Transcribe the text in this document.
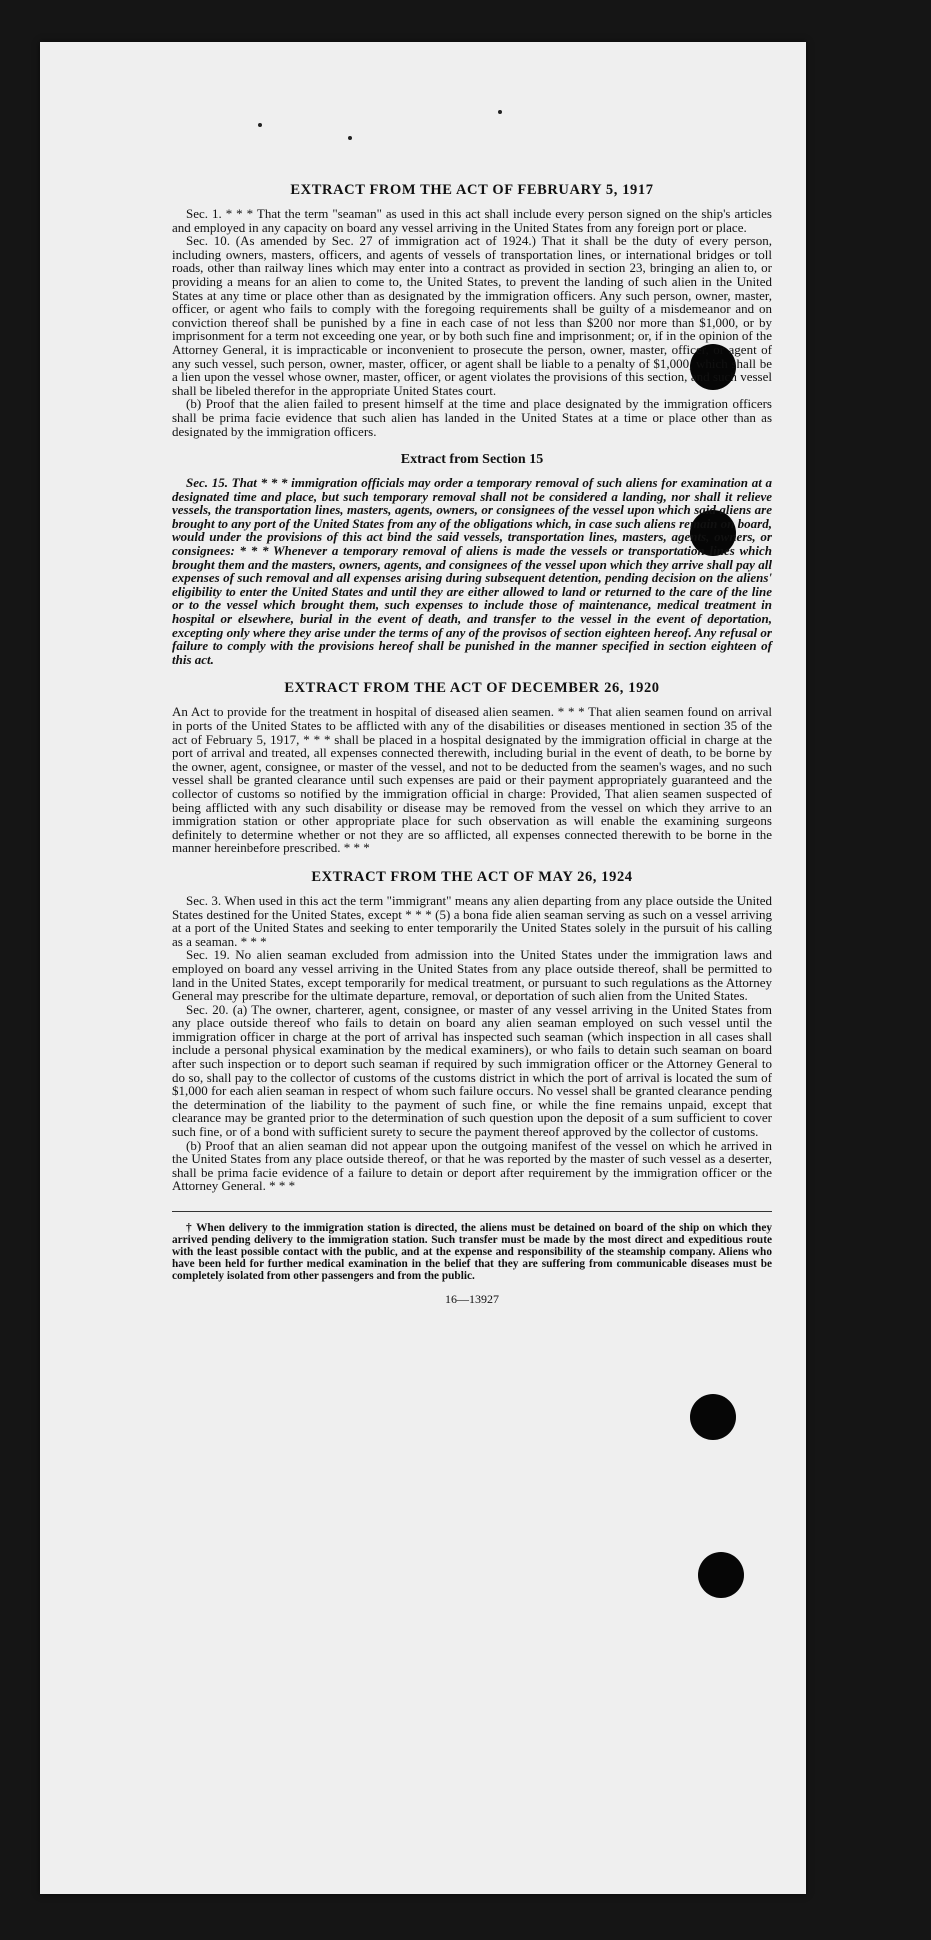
EXTRACT FROM THE ACT OF FEBRUARY 5, 1917

Sec. 1. * * * That the term "seaman" as used in this act shall include every person signed on the ship's articles and employed in any capacity on board any vessel arriving in the United States from any foreign port or place.

Sec. 10. (As amended by Sec. 27 of immigration act of 1924.) That it shall be the duty of every person, including owners, masters, officers, and agents of vessels of transportation lines, or international bridges or toll roads, other than railway lines which may enter into a contract as provided in section 23, bringing an alien to, or providing a means for an alien to come to, the United States, to prevent the landing of such alien in the United States at any time or place other than as designated by the immigration officers. Any such person, owner, master, officer, or agent who fails to comply with the foregoing requirements shall be guilty of a misdemeanor and on conviction thereof shall be punished by a fine in each case of not less than $200 nor more than $1,000, or by imprisonment for a term not exceeding one year, or by both such fine and imprisonment; or, if in the opinion of the Attorney General, it is impracticable or inconvenient to prosecute the person, owner, master, officer, or agent of any such vessel, such person, owner, master, officer, or agent shall be liable to a penalty of $1,000, which shall be a lien upon the vessel whose owner, master, officer, or agent violates the provisions of this section, and such vessel shall be libeled therefor in the appropriate United States court.

(b) Proof that the alien failed to present himself at the time and place designated by the immigration officers shall be prima facie evidence that such alien has landed in the United States at a time or place other than as designated by the immigration officers.

Extract from Section 15

Sec. 15. That * * * immigration officials may order a temporary removal of such aliens for examination at a designated time and place, but such temporary removal shall not be considered a landing, nor shall it relieve vessels, the transportation lines, masters, agents, owners, or consignees of the vessel upon which said aliens are brought to any port of the United States from any of the obligations which, in case such aliens remain on board, would under the provisions of this act bind the said vessels, transportation lines, masters, agents, owners, or consignees: * * * Whenever a temporary removal of aliens is made the vessels or transportation lines which brought them and the masters, owners, agents, and consignees of the vessel upon which they arrive shall pay all expenses of such removal and all expenses arising during subsequent detention, pending decision on the aliens' eligibility to enter the United States and until they are either allowed to land or returned to the care of the line or to the vessel which brought them, such expenses to include those of maintenance, medical treatment in hospital or elsewhere, burial in the event of death, and transfer to the vessel in the event of deportation, excepting only where they arise under the terms of any of the provisos of section eighteen hereof. Any refusal or failure to comply with the provisions hereof shall be punished in the manner specified in section eighteen of this act.

EXTRACT FROM THE ACT OF DECEMBER 26, 1920

An Act to provide for the treatment in hospital of diseased alien seamen. * * * That alien seamen found on arrival in ports of the United States to be afflicted with any of the disabilities or diseases mentioned in section 35 of the act of February 5, 1917, * * * shall be placed in a hospital designated by the immigration official in charge at the port of arrival and treated, all expenses connected therewith, including burial in the event of death, to be borne by the owner, agent, consignee, or master of the vessel, and not to be deducted from the seamen's wages, and no such vessel shall be granted clearance until such expenses are paid or their payment appropriately guaranteed and the collector of customs so notified by the immigration official in charge: Provided, That alien seamen suspected of being afflicted with any such disability or disease may be removed from the vessel on which they arrive to an immigration station or other appropriate place for such observation as will enable the examining surgeons definitely to determine whether or not they are so afflicted, all expenses connected therewith to be borne in the manner hereinbefore prescribed. * * *

EXTRACT FROM THE ACT OF MAY 26, 1924

Sec. 3. When used in this act the term "immigrant" means any alien departing from any place outside the United States destined for the United States, except * * * (5) a bona fide alien seaman serving as such on a vessel arriving at a port of the United States and seeking to enter temporarily the United States solely in the pursuit of his calling as a seaman. * * *

Sec. 19. No alien seaman excluded from admission into the United States under the immigration laws and employed on board any vessel arriving in the United States from any place outside thereof, shall be permitted to land in the United States, except temporarily for medical treatment, or pursuant to such regulations as the Attorney General may prescribe for the ultimate departure, removal, or deportation of such alien from the United States.

Sec. 20. (a) The owner, charterer, agent, consignee, or master of any vessel arriving in the United States from any place outside thereof who fails to detain on board any alien seaman employed on such vessel until the immigration officer in charge at the port of arrival has inspected such seaman (which inspection in all cases shall include a personal physical examination by the medical examiners), or who fails to detain such seaman on board after such inspection or to deport such seaman if required by such immigration officer or the Attorney General to do so, shall pay to the collector of customs of the customs district in which the port of arrival is located the sum of $1,000 for each alien seaman in respect of whom such failure occurs. No vessel shall be granted clearance pending the determination of the liability to the payment of such fine, or while the fine remains unpaid, except that clearance may be granted prior to the determination of such question upon the deposit of a sum sufficient to cover such fine, or of a bond with sufficient surety to secure the payment thereof approved by the collector of customs.

(b) Proof that an alien seaman did not appear upon the outgoing manifest of the vessel on which he arrived in the United States from any place outside thereof, or that he was reported by the master of such vessel as a deserter, shall be prima facie evidence of a failure to detain or deport after requirement by the immigration officer or the Attorney General. * * *

† When delivery to the immigration station is directed, the aliens must be detained on board of the ship on which they arrived pending delivery to the immigration station. Such transfer must be made by the most direct and expeditious route with the least possible contact with the public, and at the expense and responsibility of the steamship company. Aliens who have been held for further medical examination in the belief that they are suffering from communicable diseases must be completely isolated from other passengers and from the public.

16—13927
